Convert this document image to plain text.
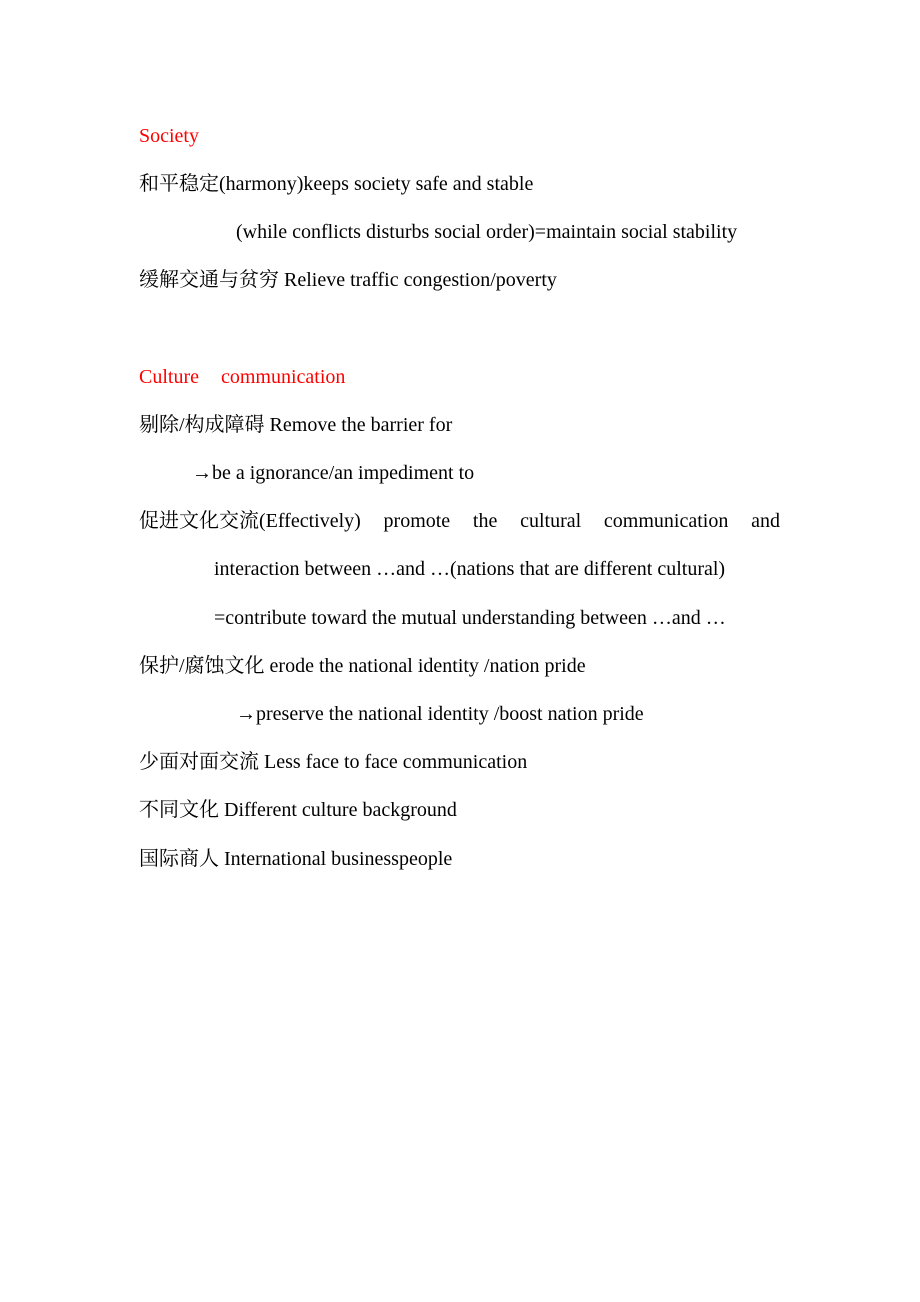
Society
和平稳定(harmony)keeps society safe and stable
(while conflicts disturbs social order)=maintain social stability
缓解交通与贫穷 Relieve traffic congestion/poverty
Culture communication
剔除/构成障碍 Remove the barrier for
→be a ignorance/an impediment to
促进文化交流(Effectively) promote the cultural communication and
interaction between …and …(nations that are different cultural)
=contribute toward the mutual understanding between …and …
保护/腐蚀文化 erode the national identity /nation pride
→preserve the national identity /boost nation pride
少面对面交流 Less face to face communication
不同文化 Different culture background
国际商人 International businesspeople
